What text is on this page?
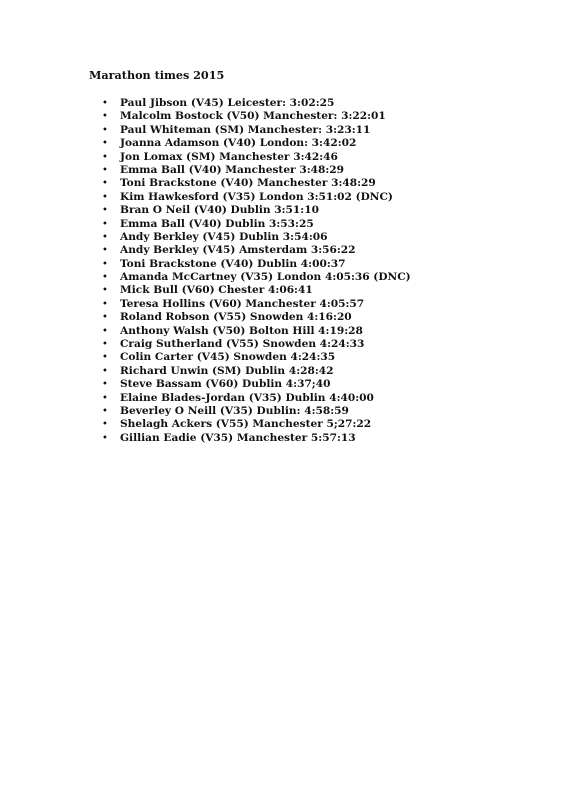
Marathon times 2015
• Paul Jibson (V45) Leicester: 3:02:25
• Malcolm Bostock (V50) Manchester: 3:22:01
• Paul Whiteman (SM) Manchester: 3:23:11
• Joanna Adamson (V40) London: 3:42:02
• Jon Lomax (SM) Manchester 3:42:46
• Emma Ball (V40) Manchester 3:48:29
• Toni Brackstone (V40) Manchester 3:48:29
• Kim Hawkesford (V35) London 3:51:02 (DNC)
• Bran O Neil (V40) Dublin 3:51:10
• Emma Ball (V40) Dublin 3:53:25
• Andy Berkley (V45) Dublin 3:54:06
• Andy Berkley (V45) Amsterdam 3:56:22
• Toni Brackstone (V40) Dublin 4:00:37
• Amanda McCartney (V35) London 4:05:36 (DNC)
• Mick Bull (V60) Chester 4:06:41
• Teresa Hollins (V60) Manchester 4:05:57
• Roland Robson (V55) Snowden 4:16:20
• Anthony Walsh (V50) Bolton Hill 4:19:28
• Craig Sutherland (V55) Snowden 4:24:33
• Colin Carter (V45) Snowden 4:24:35
• Richard Unwin (SM) Dublin 4:28:42
• Steve Bassam (V60) Dublin 4:37;40
• Elaine Blades-Jordan (V35) Dublin 4:40:00
• Beverley O Neill (V35) Dublin: 4:58:59
• Shelagh Ackers (V55) Manchester 5;27:22
• Gillian Eadie (V35) Manchester 5:57:13
